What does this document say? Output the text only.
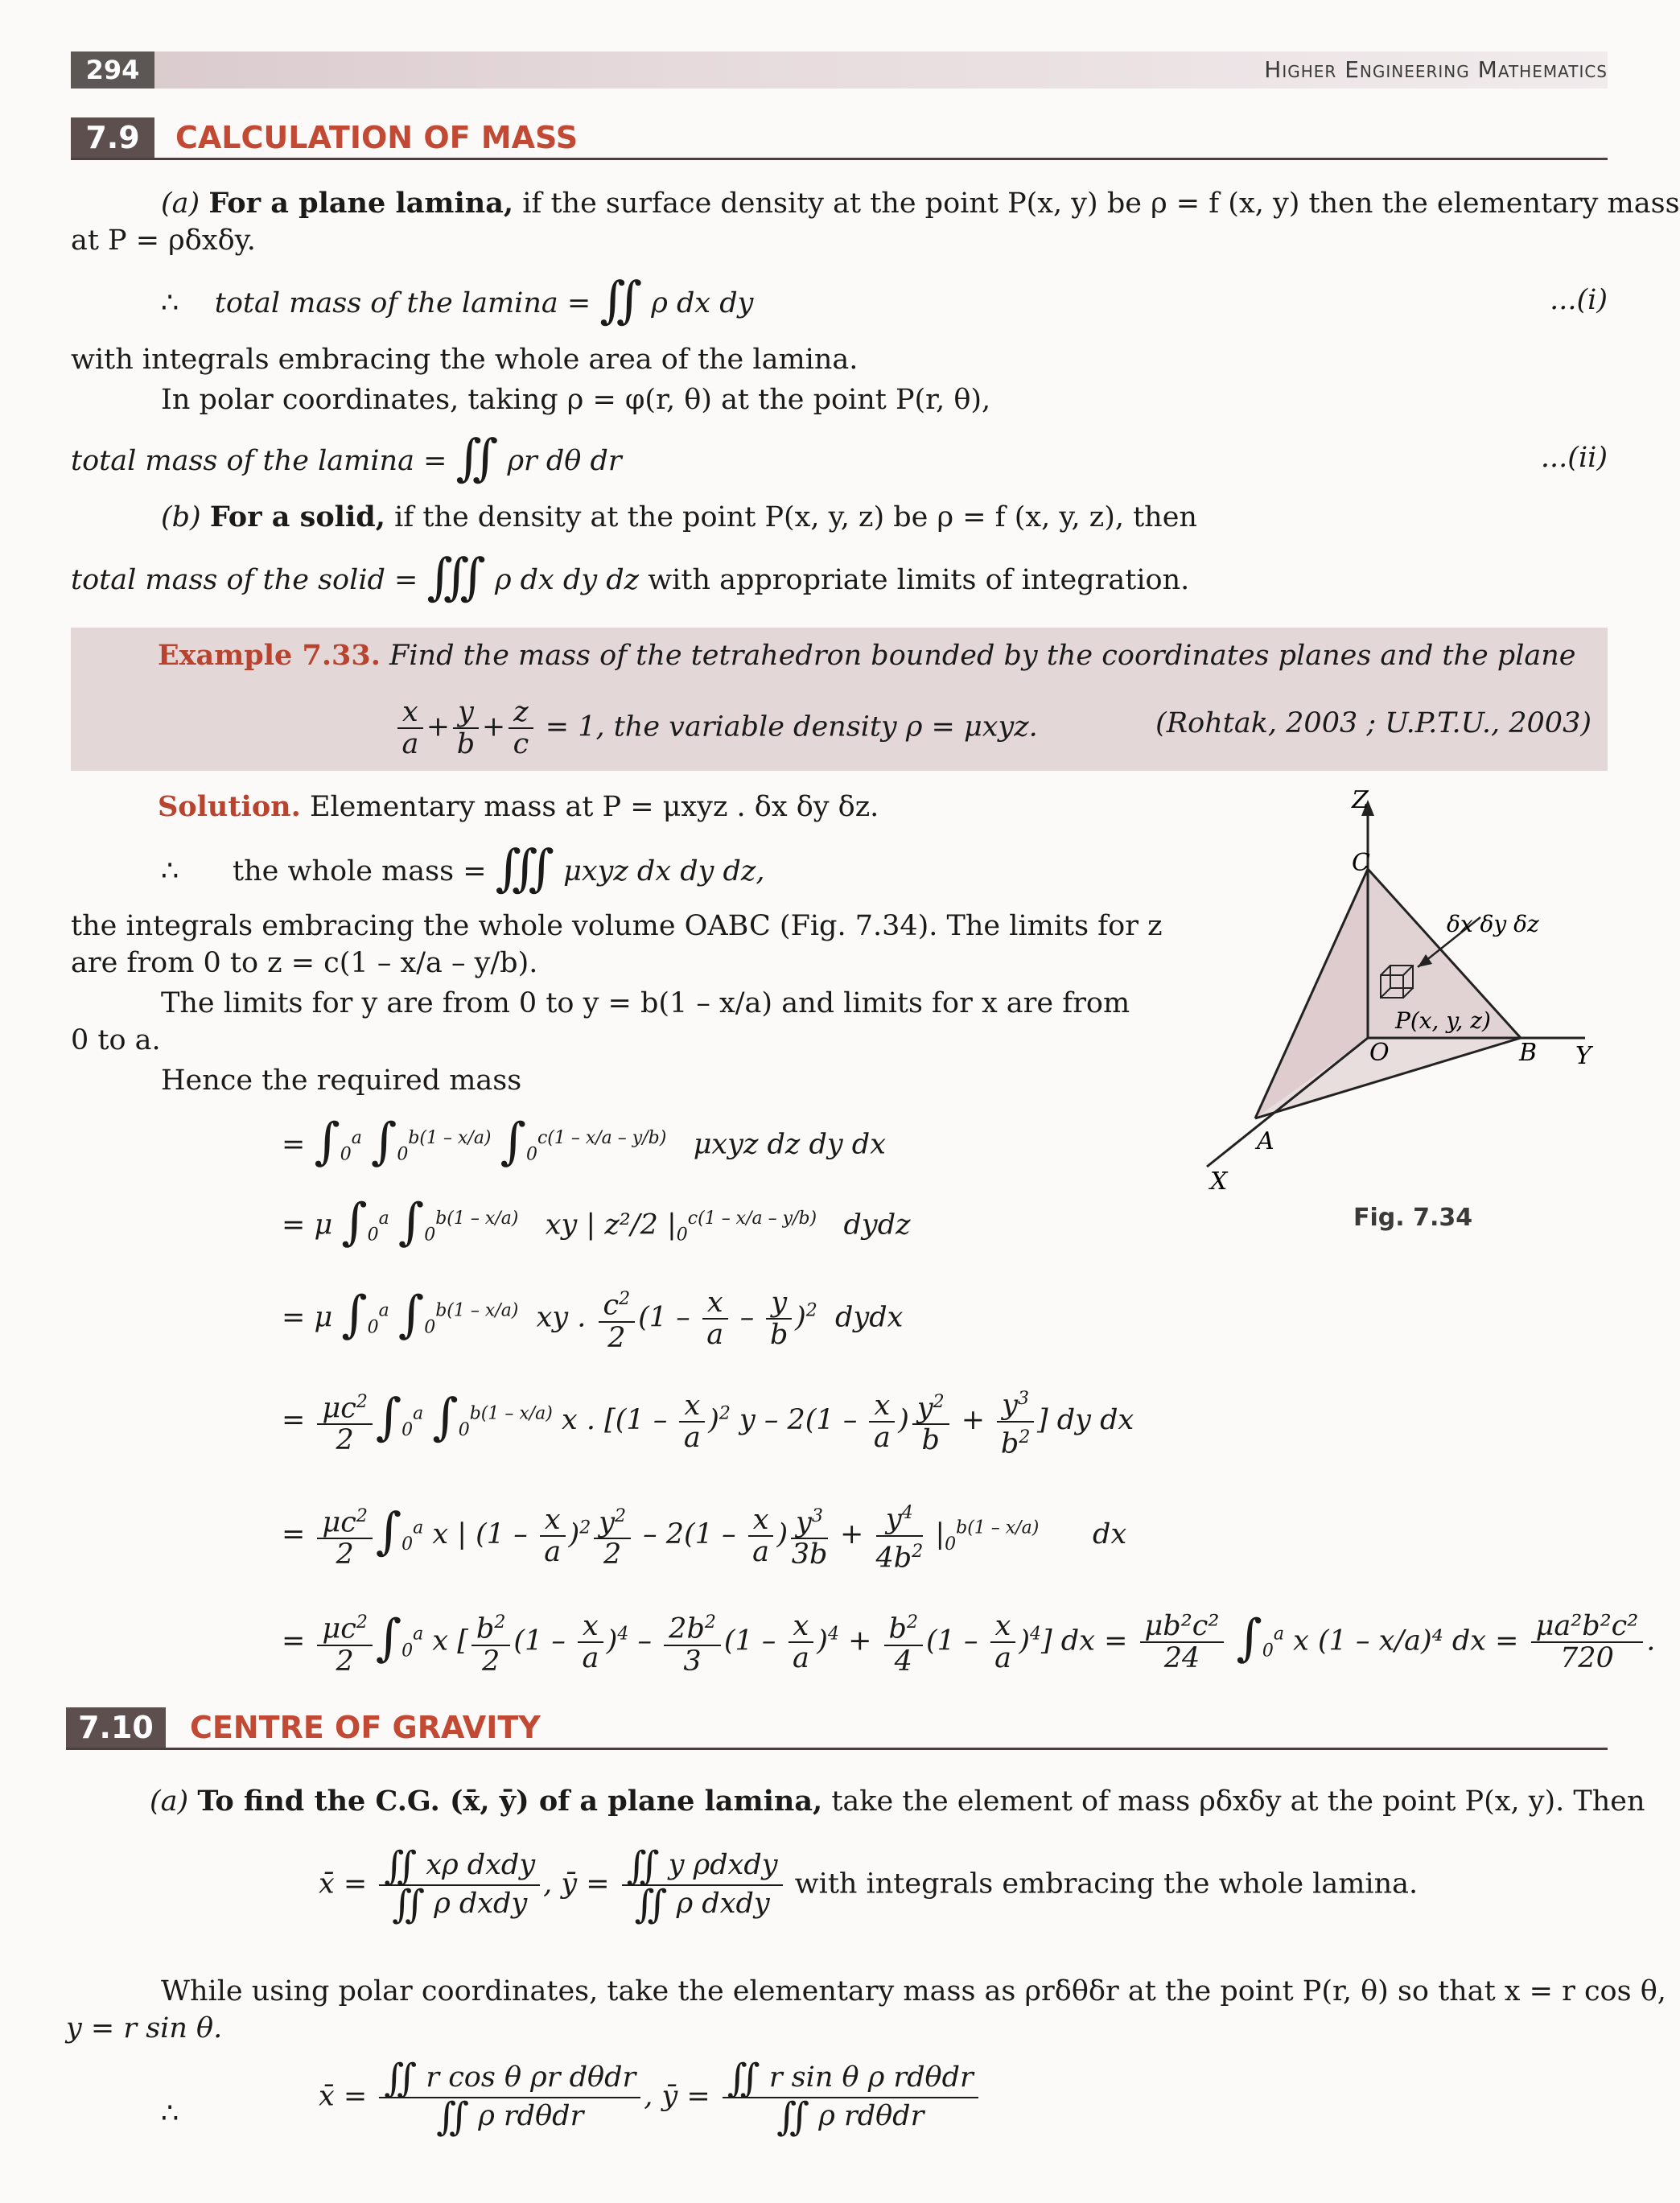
294	Higher Engineering Mathematics
7.9	CALCULATION OF MASS
(a) For a plane lamina, if the surface density at the point P(x, y) be ρ = f (x, y) then the elementary mass
at P = ρδxδy.
∴ total mass of the lamina = ∬ ρ dx dy	...(i)
with integrals embracing the whole area of the lamina.
In polar coordinates, taking ρ = φ(r, θ) at the point P(r, θ),
total mass of the lamina = ∬ ρr dθ dr	...(ii)
(b) For a solid, if the density at the point P(x, y, z) be ρ = f (x, y, z), then
total mass of the solid = ∭ ρ dx dy dz with appropriate limits of integration.
Example 7.33. Find the mass of the tetrahedron bounded by the coordinates planes and the plane
$\frac{x}{a} + \frac{y}{b} + \frac{z}{c} = 1$, the variable density ρ = μxyz.	(Rohtak, 2003 ; U.P.T.U., 2003)
Solution. Elementary mass at P = μxyz . δx δy δz.
∴ the whole mass = ∭ μxyz dx dy dz,
the integrals embracing the whole volume OABC (Fig. 7.34). The limits for z
are from 0 to z = c(1 – x/a – y/b).
The limits for y are from 0 to y = b(1 – x/a) and limits for x are from
0 to a.
Hence the required mass
= $\int_0^a$ $\int_0^{b(1 - x/a)}$ $\int_0^{c(1 - x/a - y/b)}$ μxyz dz dy dx
= μ $\int_0^a$ $\int_0^{b(1 - x/a)}$ xy | z²/2 $|_0^{c(1 - x/a - y/b)}$ dydz
= μ $\int_0^a$ $\int_0^{b(1 - x/a)}$  xy . $\frac{c^2}{2} (1 - \frac{x}{a} - \frac{y}{b} )^2$ dydx
= $\frac{\mu c^2}{2} \int_0^a$ $\int_0^{b(1 - x/a)}$ x . [$(1 - \frac{x}{a} )^2$ y – $2(1 - \frac{x}{a}$ ) $\frac{y^2}{b} + \frac{y^3}{b^2}$ ] dy dx
= $\frac{\mu c^2}{2} \int_0^a$ x | $(1 - \frac{x}{a} )^2 \frac{y^2}{2} - 2(1 - \frac{x}{a}$ ) $\frac{y^3}{3b} + \frac{y^4}{4b^2} |_0^{b(1 - x/a)}$ dx
= $\frac{\mu c^2}{2} \int_0^a$ x [ $\frac{b^2}{2} (1 - \frac{x}{a} )^4 - \frac{2b^2}{3} (1 - \frac{x}{a} )^4 + \frac{b^2}{4} (1 - \frac{x}{a} )^4$] dx = $\frac{\text{μb²c²}}{24} \int_0^a$ x (1 – x/a)⁴ dx = $\frac{\text{μa²b²c²}}{720}$ .
Z
C
O	B Y
A
X
δx δy δz
P(x, y, z)
Fig. 7.34
7.10	CENTRE OF GRAVITY
(a) To find the C.G. (x̄, ȳ) of a plane lamina, take the element of mass ρδxδy at the point P(x, y). Then
x̄ = $\frac{\text{∬ xρ dxdy}}{\text{∬ ρ dxdy}}$ , ȳ = $\frac{\text{∬ y ρdxdy}}{\text{∬ ρ dxdy}}$ with integrals embracing the whole lamina.
While using polar coordinates, take the elementary mass as ρrδθδr at the point P(r, θ) so that x = r cos θ,
y = r sin θ.
∴
x̄ = $\frac{\text{∬ r cos θ ρr dθdr}}{\text{∬ ρ rdθdr}}$ , ȳ = $\frac{\text{∬ r sin θ ρ rdθdr}}{\text{∬ ρ rdθdr}}$
